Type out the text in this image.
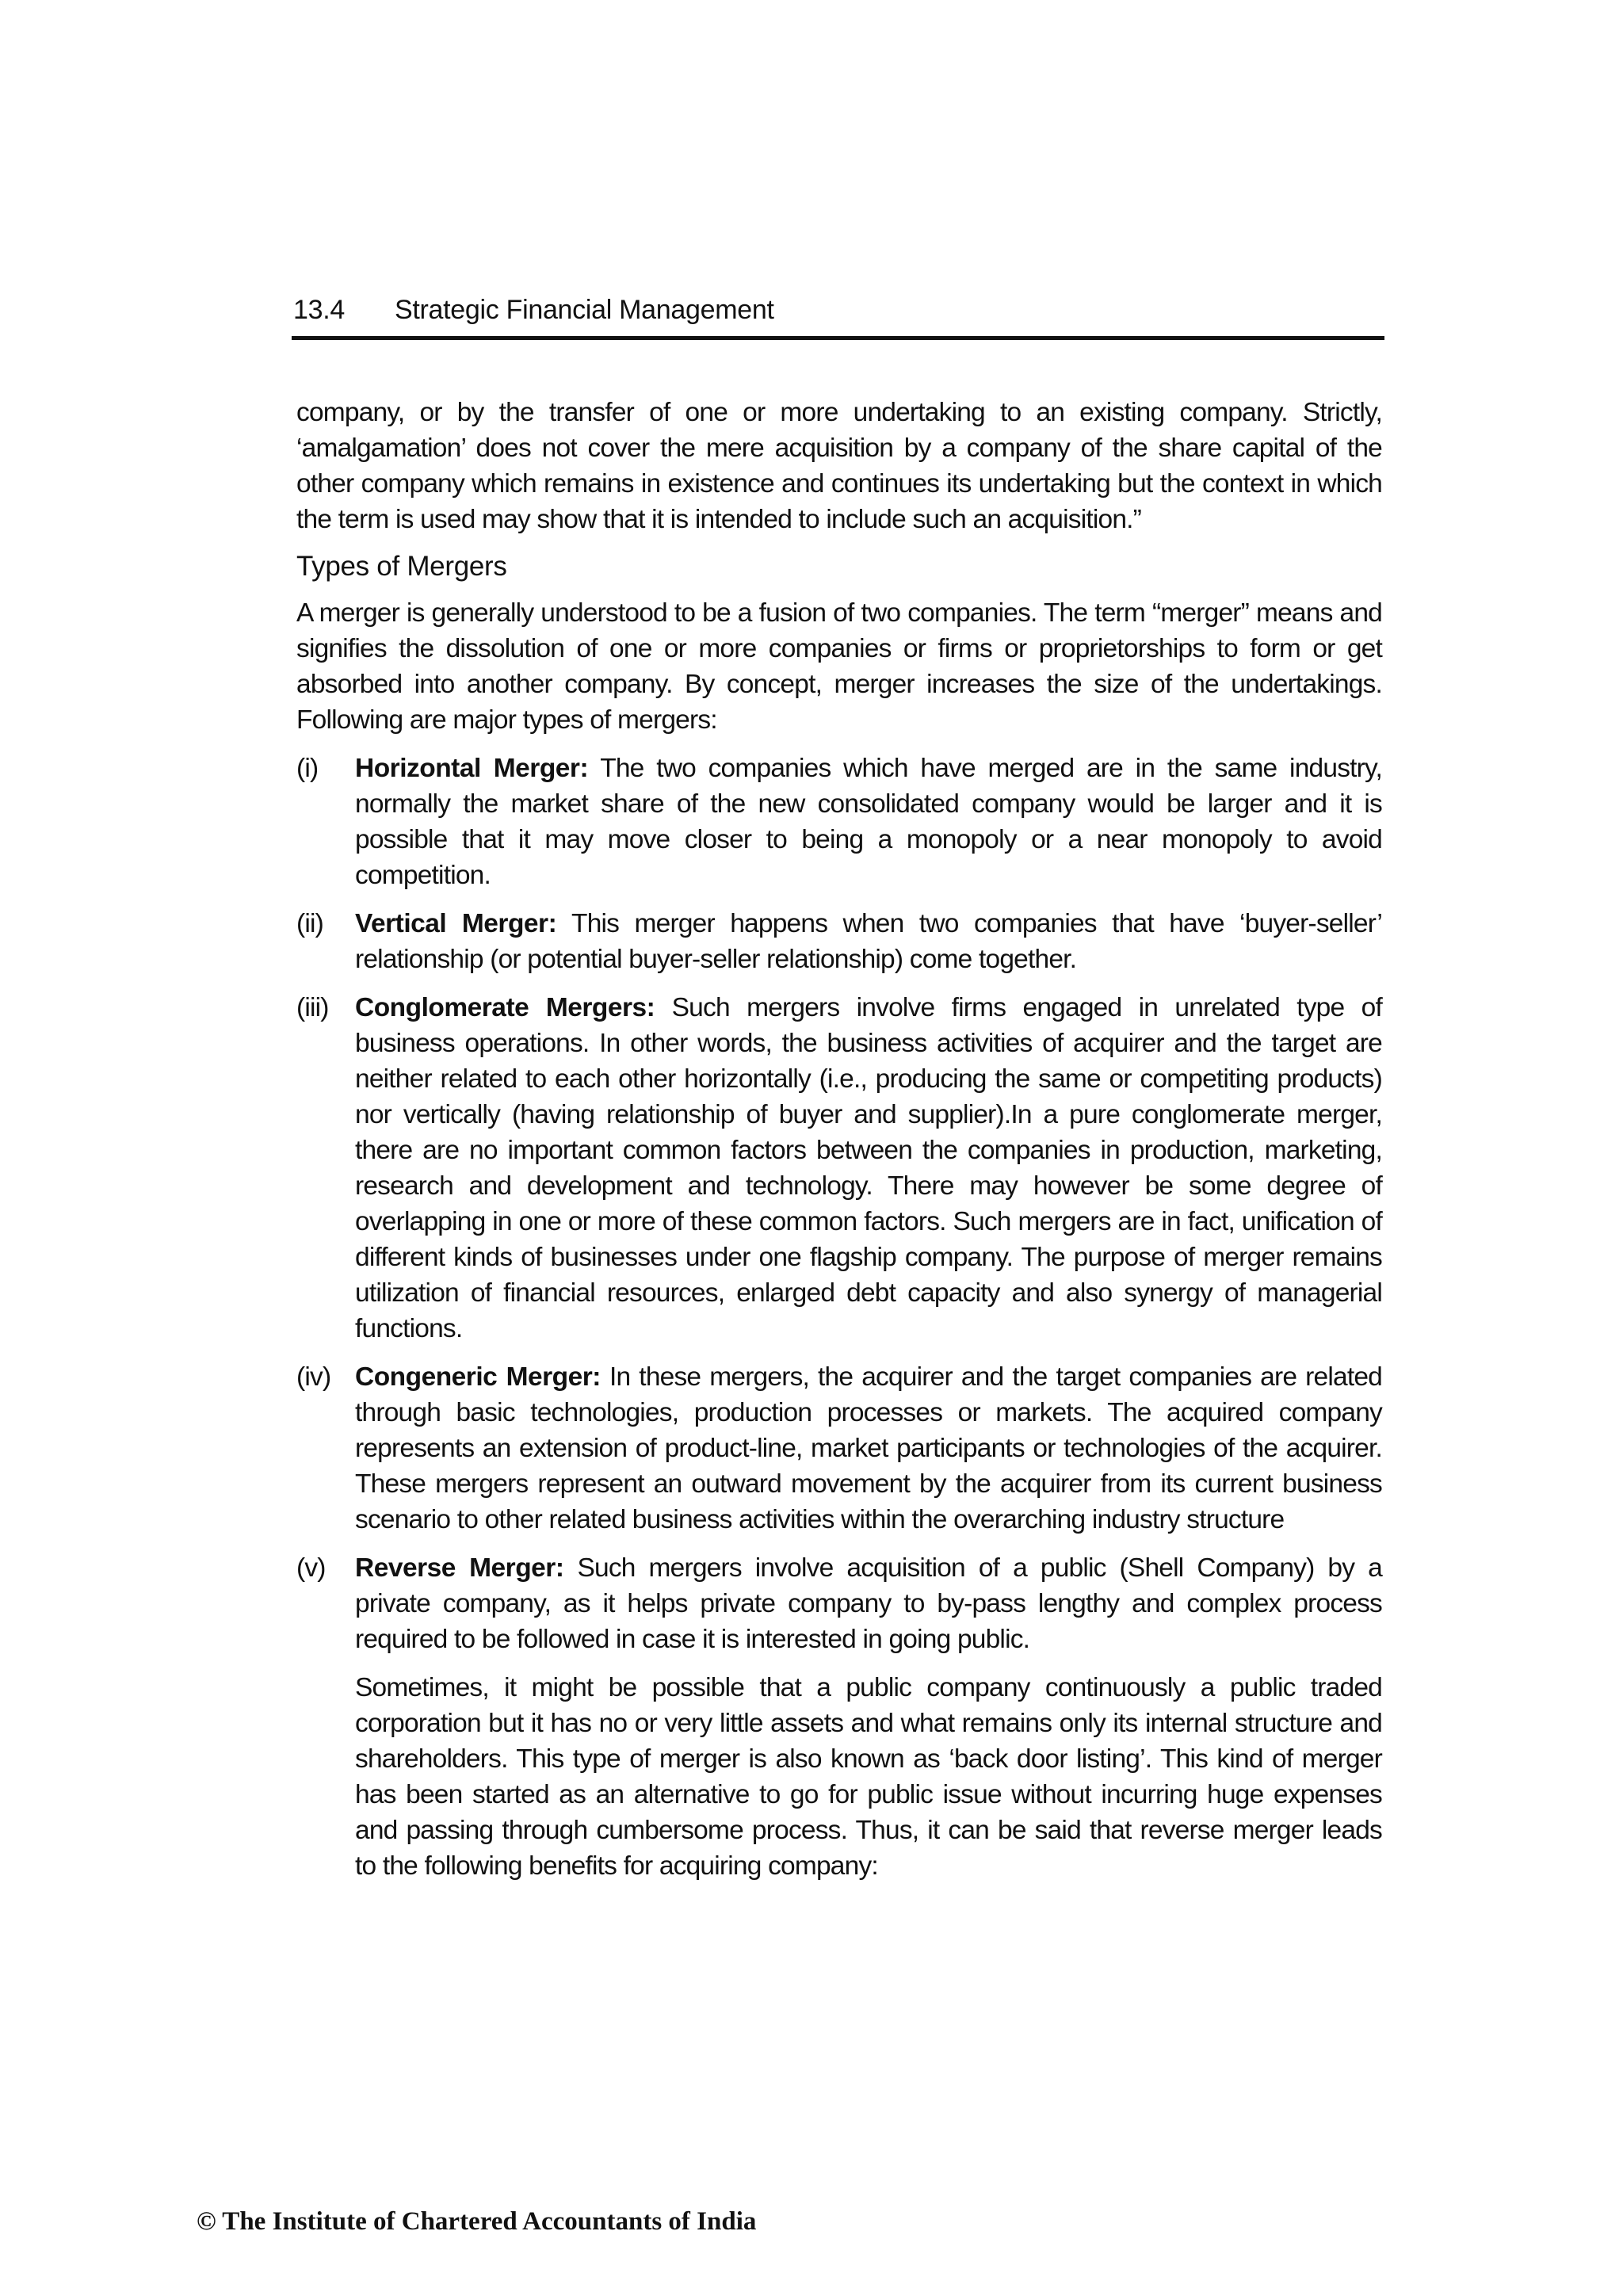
13.4 Strategic Financial Management

company, or by the transfer of one or more undertaking to an existing company. Strictly, ‘amalgamation’ does not cover the mere acquisition by a company of the share capital of the other company which remains in existence and continues its undertaking but the context in which the term is used may show that it is intended to include such an acquisition.”

Types of Mergers

A merger is generally understood to be a fusion of two companies. The term “merger” means and signifies the dissolution of one or more companies or firms or proprietorships to form or get absorbed into another company. By concept, merger increases the size of the undertakings. Following are major types of mergers:

(i) Horizontal Merger: The two companies which have merged are in the same industry, normally the market share of the new consolidated company would be larger and it is possible that it may move closer to being a monopoly or a near monopoly to avoid competition.

(ii) Vertical Merger: This merger happens when two companies that have ‘buyer-seller’ relationship (or potential buyer-seller relationship) come together.

(iii) Conglomerate Mergers: Such mergers involve firms engaged in unrelated type of business operations. In other words, the business activities of acquirer and the target are neither related to each other horizontally (i.e., producing the same or competiting products) nor vertically (having relationship of buyer and supplier).In a pure conglomerate merger, there are no important common factors between the companies in production, marketing, research and development and technology. There may however be some degree of overlapping in one or more of these common factors. Such mergers are in fact, unification of different kinds of businesses under one flagship company. The purpose of merger remains utilization of financial resources, enlarged debt capacity and also synergy of managerial functions.

(iv) Congeneric Merger: In these mergers, the acquirer and the target companies are related through basic technologies, production processes or markets. The acquired company represents an extension of product-line, market participants or technologies of the acquirer. These mergers represent an outward movement by the acquirer from its current business scenario to other related business activities within the overarching industry structure

(v) Reverse Merger: Such mergers involve acquisition of a public (Shell Company) by a private company, as it helps private company to by-pass lengthy and complex process required to be followed in case it is interested in going public.

Sometimes, it might be possible that a public company continuously a public traded corporation but it has no or very little assets and what remains only its internal structure and shareholders. This type of merger is also known as ‘back door listing’. This kind of merger has been started as an alternative to go for public issue without incurring huge expenses and passing through cumbersome process. Thus, it can be said that reverse merger leads to the following benefits for acquiring company:

© The Institute of Chartered Accountants of India
